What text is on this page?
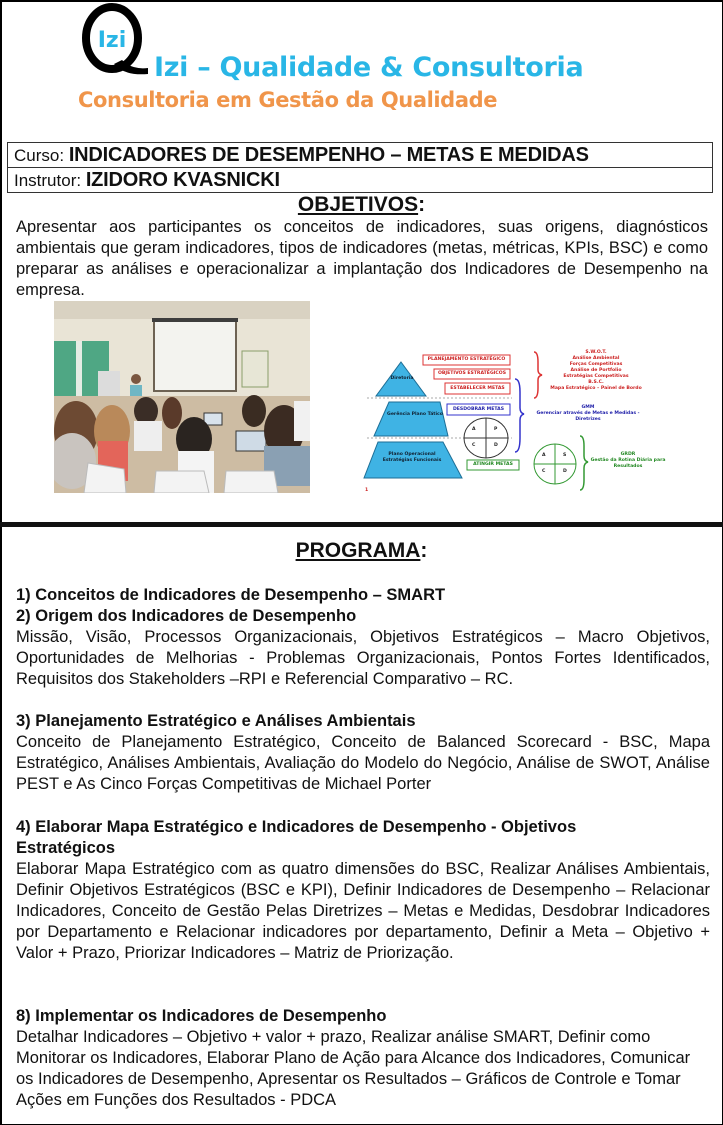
Izi
Izi – Qualidade & Consultoria
Consultoria em Gestão da Qualidade
Curso: INDICADORES DE DESEMPENHO – METAS E MEDIDAS
Instrutor: IZIDORO KVASNICKI
OBJETIVOS:
Apresentar aos participantes os conceitos de indicadores, suas origens, diagnósticos ambientais que geram indicadores, tipos de indicadores (metas, métricas, KPIs, BSC) e como preparar as análises e operacionalizar a implantação dos Indicadores de Desempenho na empresa.
Diretoria
Gerência Plano Tático
Plano Operacional Estratégias Funcionais
PLANEJAMENTO ESTRATÉGICO
OBJETIVOS ESTRATÉGICOS
ESTABELECER METAS
DESDOBRAR METAS
ATINGIR METAS
A	P
C	D
A	S
C	D
S.W.O.T.
Análise Ambiental
Forças Competitivas
Análise de Portfolio
Estratégias Competitivas
B.S.C.
Mapa Estratégico – Painel de Bordo
GMM
Gerenciar através de Metas e Medidas -
Diretrizes
GRDR
Gestão da Rotina Diária para
Resultados
1
PROGRAMA:
1) Conceitos de Indicadores de Desempenho – SMART
2) Origem dos Indicadores de Desempenho
Missão, Visão, Processos Organizacionais, Objetivos Estratégicos – Macro Objetivos, Oportunidades de Melhorias - Problemas Organizacionais, Pontos Fortes Identificados, Requisitos dos Stakeholders –RPI e Referencial Comparativo – RC.
3) Planejamento Estratégico e Análises Ambientais
Conceito de Planejamento Estratégico, Conceito de Balanced Scorecard - BSC, Mapa Estratégico, Análises Ambientais, Avaliação do Modelo do Negócio, Análise de SWOT, Análise PEST e As Cinco Forças Competitivas de Michael Porter
4) Elaborar Mapa Estratégico e Indicadores de Desempenho - Objetivos Estratégicos
Elaborar Mapa Estratégico com as quatro dimensões do BSC, Realizar Análises Ambientais, Definir Objetivos Estratégicos (BSC e KPI), Definir Indicadores de Desempenho – Relacionar Indicadores, Conceito de Gestão Pelas Diretrizes – Metas e Medidas, Desdobrar Indicadores por Departamento e Relacionar indicadores por departamento, Definir a Meta – Objetivo + Valor + Prazo, Priorizar Indicadores – Matriz de Priorização.
8) Implementar os Indicadores de Desempenho
Detalhar Indicadores – Objetivo + valor + prazo, Realizar análise SMART, Definir como Monitorar os Indicadores, Elaborar Plano de Ação para Alcance dos Indicadores, Comunicar os Indicadores de Desempenho, Apresentar os Resultados – Gráficos de Controle e Tomar Ações em Funções dos Resultados - PDCA
